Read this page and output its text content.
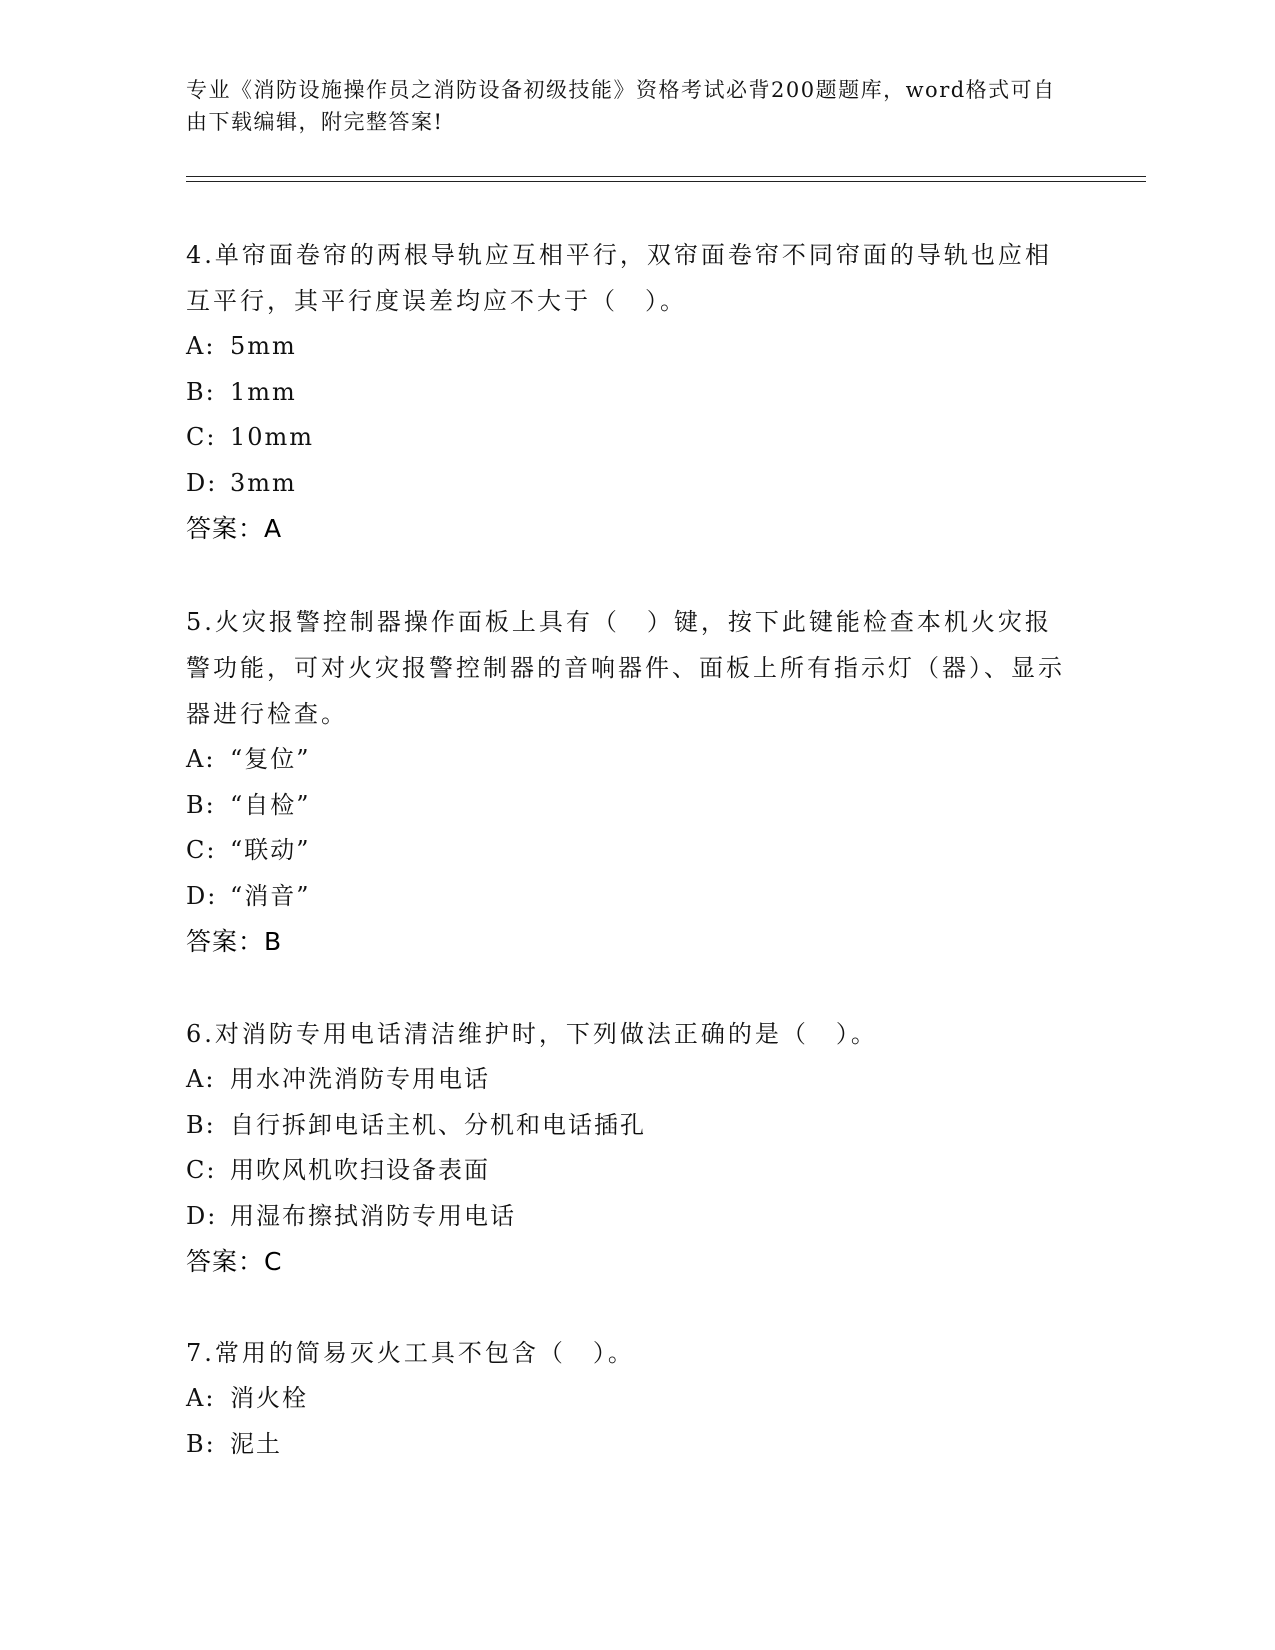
专业《消防设施操作员之消防设备初级技能》资格考试必背200题题库，word格式可自由下载编辑，附完整答案!

4.单帘面卷帘的两根导轨应互相平行，双帘面卷帘不同帘面的导轨也应相互平行，其平行度误差均应不大于（　）。

A: 5mm
B: 1mm
C: 10mm
D: 3mm
答案：A

5.火灾报警控制器操作面板上具有（　）键，按下此键能检查本机火灾报警功能，可对火灾报警控制器的音响器件、面板上所有指示灯（器）、显示器进行检查。

A: “复位”
B: “自检”
C: “联动”
D: “消音”
答案：B

6.对消防专用电话清洁维护时，下列做法正确的是（　）。

A: 用水冲洗消防专用电话
B: 自行拆卸电话主机、分机和电话插孔
C: 用吹风机吹扫设备表面
D: 用湿布擦拭消防专用电话
答案：C

7.常用的简易灭火工具不包含（　）。

A: 消火栓
B: 泥土
